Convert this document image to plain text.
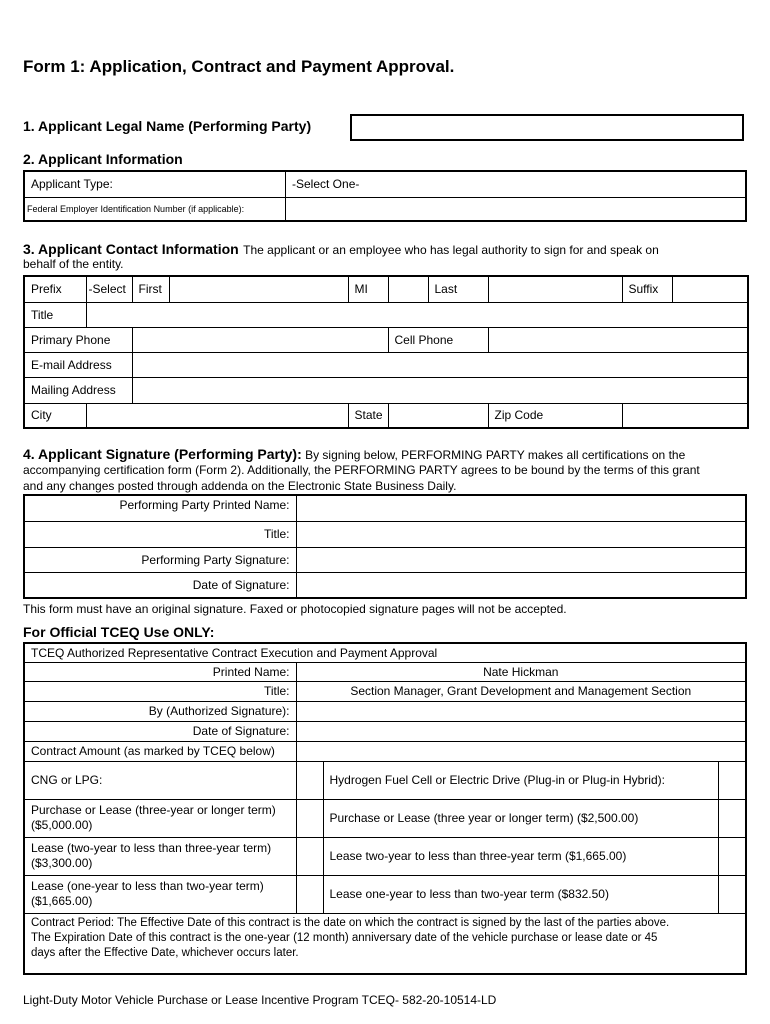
Form 1: Application, Contract and Payment Approval.
1. Applicant Legal Name (Performing Party)
2. Applicant Information
Applicant Type:	-Select One-
Federal Employer Identification Number (if applicable):	
3. Applicant Contact Information The applicant or an employee who has legal authority to sign for and speak on
behalf of the entity.
Prefix	-Select	First		MI		Last		Suffix	
Title									
Primary Phone					Cell Phone				
E-mail Address									
Mailing Address									
City				State			Zip Code		
4. Applicant Signature (Performing Party): By signing below, PERFORMING PARTY makes all certifications on the
accompanying certification form (Form 2). Additionally, the PERFORMING PARTY agrees to be bound by the terms of this grant
and any changes posted through addenda on the Electronic State Business Daily.
Performing Party Printed Name:	
Title:	
Performing Party Signature:	
Date of Signature:	
This form must have an original signature. Faxed or photocopied signature pages will not be accepted.
For Official TCEQ Use ONLY:
TCEQ Authorized Representative Contract Execution and Payment Approval			
Printed Name:	Nate Hickman		
Title:	Section Manager, Grant Development and Management Section		
By (Authorized Signature):			
Date of Signature:			
Contract Amount (as marked by TCEQ below)			
CNG or LPG:		Hydrogen Fuel Cell or Electric Drive (Plug-in or Plug-in Hybrid):	
Purchase or Lease (three-year or longer term)
($5,000.00)		Purchase or Lease (three year or longer term) ($2,500.00)	
Lease (two-year to less than three-year term)
($3,300.00)		Lease two-year to less than three-year term ($1,665.00)	
Lease (one-year to less than two-year term)
($1,665.00)		Lease one-year to less than two-year term ($832.50)	
Contract Period: The Effective Date of this contract is the date on which the contract is signed by the last of the parties above.
The Expiration Date of this contract is the one-year (12 month) anniversary date of the vehicle purchase or lease date or 45
days after the Effective Date, whichever occurs later.			
Light-Duty Motor Vehicle Purchase or Lease Incentive Program TCEQ- 582-20-10514-LD
